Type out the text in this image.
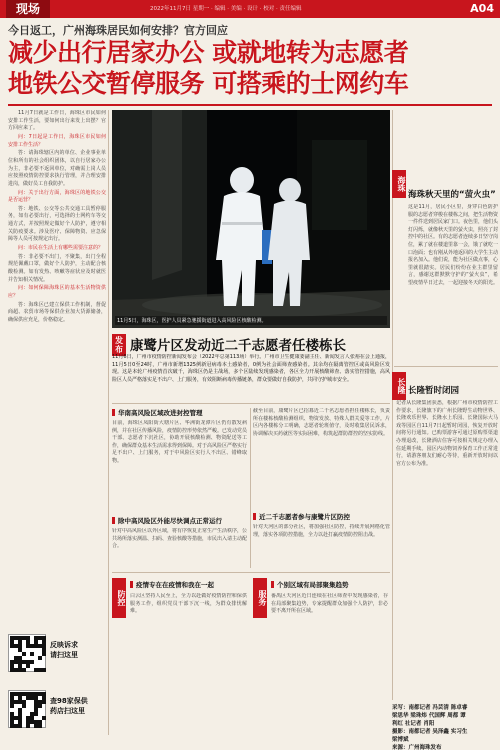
现场	2022年11月7日 星期一 · 编辑 · 美编 · 设计 · 校对 · 责任编辑	A04
今日返工，广州海珠居民如何安排？官方回应
减少出行居家办公 或就地转为志愿者
地铁公交暂停服务 可搭乘的士网约车

11月7日就是工作日，海珠区市民如何安排工作生活，要如何出行来发上出摆？官方回应来了。

问：7日起是工作日，海珠区市民如何安排工作生活？

答：请海珠辖区内的单位、企业事业单位和所有的社会组织团体，以自行居家办公为主，非必要不返回单位，对确需上岗人员应按照疫情防控要求执行管理，并合理安排进岗，做好员工自我防护。

问：关于出行方面，海珠区的地铁公交是否运营？

答：地铁、公交等公共交通工具暂停服务，如有必要出行，可选择的士网约车等交通方式，并按照规定做好个人防护，遵守相关防疫要求。涉及医疗、保障物资、应急保障等人员可按规定出行。

问：市民在生活上有哪些需要注意的？

答：非必要不出门，不聚集，出门全程规范佩戴口罩，做好个人防护，主动配合核酸检测。如有发热、咳嗽等症状应及时就医并告知相关情况。

问：如何保障海珠区的基本生活物资供应？

答：海珠区已建立保供工作机制，督促商超、农贸市场等保供企业加大货源储备，确保供应充足，价格稳定。

反映诉求
请扫这里
查98家保供
药店扫这里
11月5日，海珠区，医护人员紧急驰援街道进入高风险区核酸检测。
发
布 康鹭片区发动近二千志愿者任楼栋长
11月6日，广州市疫情防控新闻发布会（2022年总第113场）举行。广州市卫生健康委副主任、新闻发言人张裕在会上通报，11月5日0至24时，广州市新增1325例新冠病毒本土感染者，0例为社会面筛查感染者。其余均在隔离管控区或高风险区发现。这是本轮广州疫情首次破千，海珠区仍是主战场，多个区陆续发现感染者，各区全力开展核酸筛查、落实管控措施，高风险区人员严格落实足不出户、上门服务，有效阻断病毒传播链条，群众要做好自我防护，共同守护城市安全。
华南高风险区域改进封控管理
目前，海珠区凤阳街大塘片区、华洲街龙潭片区仍有散发病例，并在社区传播风险，疫情防控形势依然严峻。已发动党员干部、志愿者下沉社区，协助开展核酸检测、物资配送等工作，确保群众基本生活需求得到保障。对于高风险区严格实行足不出户、上门服务，对于中风险区实行人不出区、错峰取物。
除中高风险区外能尽快调点正常运行
针对中高风险区以外区域，将有序恢复正常生产生活秩序，公共场所落实测温、扫码、查验核酸等措施，市民出入请主动配合。
截至目前，康鹭片区已招募近二千名志愿者担任楼栋长，负责所在楼栋核酸检测组织、物资发放、特殊人群关爱等工作。片区内各楼栋分工明确，志愿者轮班值守，及时收集居民诉求，协调解决买药就医等实际困难，构筑起群防群控的坚实防线。
近二千志愿者参与康鹭片区防控
针对天河区的部分社区，将加强社区防控，持续开展网格化管理，落实各项防控措施，全力以赴打赢疫情防控阻击战。
防控
疫情专在在疫情和我在一起
白云区坚持人民至上，全力以赴做好疫情防控和保供服务工作，组织党员干部下沉一线，为群众排忧解难。
服务
个别区域有局部聚集趋势
番禺区天河区近日连续在社区筛查中发现感染者，存在局部聚集趋势，专家提醒群众加强个人防护，非必要不离开所在区域。
海珠
海珠秋天里的“萤火虫”
这是11月，居民小区里，身穿白色防护服的志愿者穿梭在楼栋之间，把生活物资一件件送到居民家门口。夜色里，他们头灯闪烁，就像秋天里的萤火虫，照亮了封控中的社区。有的志愿者连续多日坚守岗位，累了就在楼道里靠一会，饿了就吃一口泡面；也有刚从外地返回的大学生主动报名加入。他们说，能为社区做点事，心里就很踏实。居民们纷纷在业主群里留言，感谢这群默默守护的“萤火虫”，希望疫情早日过去，一起迎接冬天的阳光。
长隆 长隆暂时闭园
记者从长隆集团获悉，根据广州市疫情防控工作要求，长隆旗下的广州长隆野生动物世界、长隆欢乐世界、长隆水上乐园、长隆国际大马戏等园区自11月7日起暂时闭园，恢复开放时间将另行通知。已购票游客可通过原购票渠道办理退改，长隆酒店住客可按相关规定办理入住延期手续。园区内动物饲养保育工作正常进行，请游客朋友们耐心等待，重新开放时间以官方公布为准。
采写：南都记者 冯芸清 陈卓睿
梁思华 梁珠炜 代国辉 周都 谭
利红 社记者 肖阳
摄影：南都记者 吴泽鑫 实习生
梁博斌
来源：广州海珠发布
